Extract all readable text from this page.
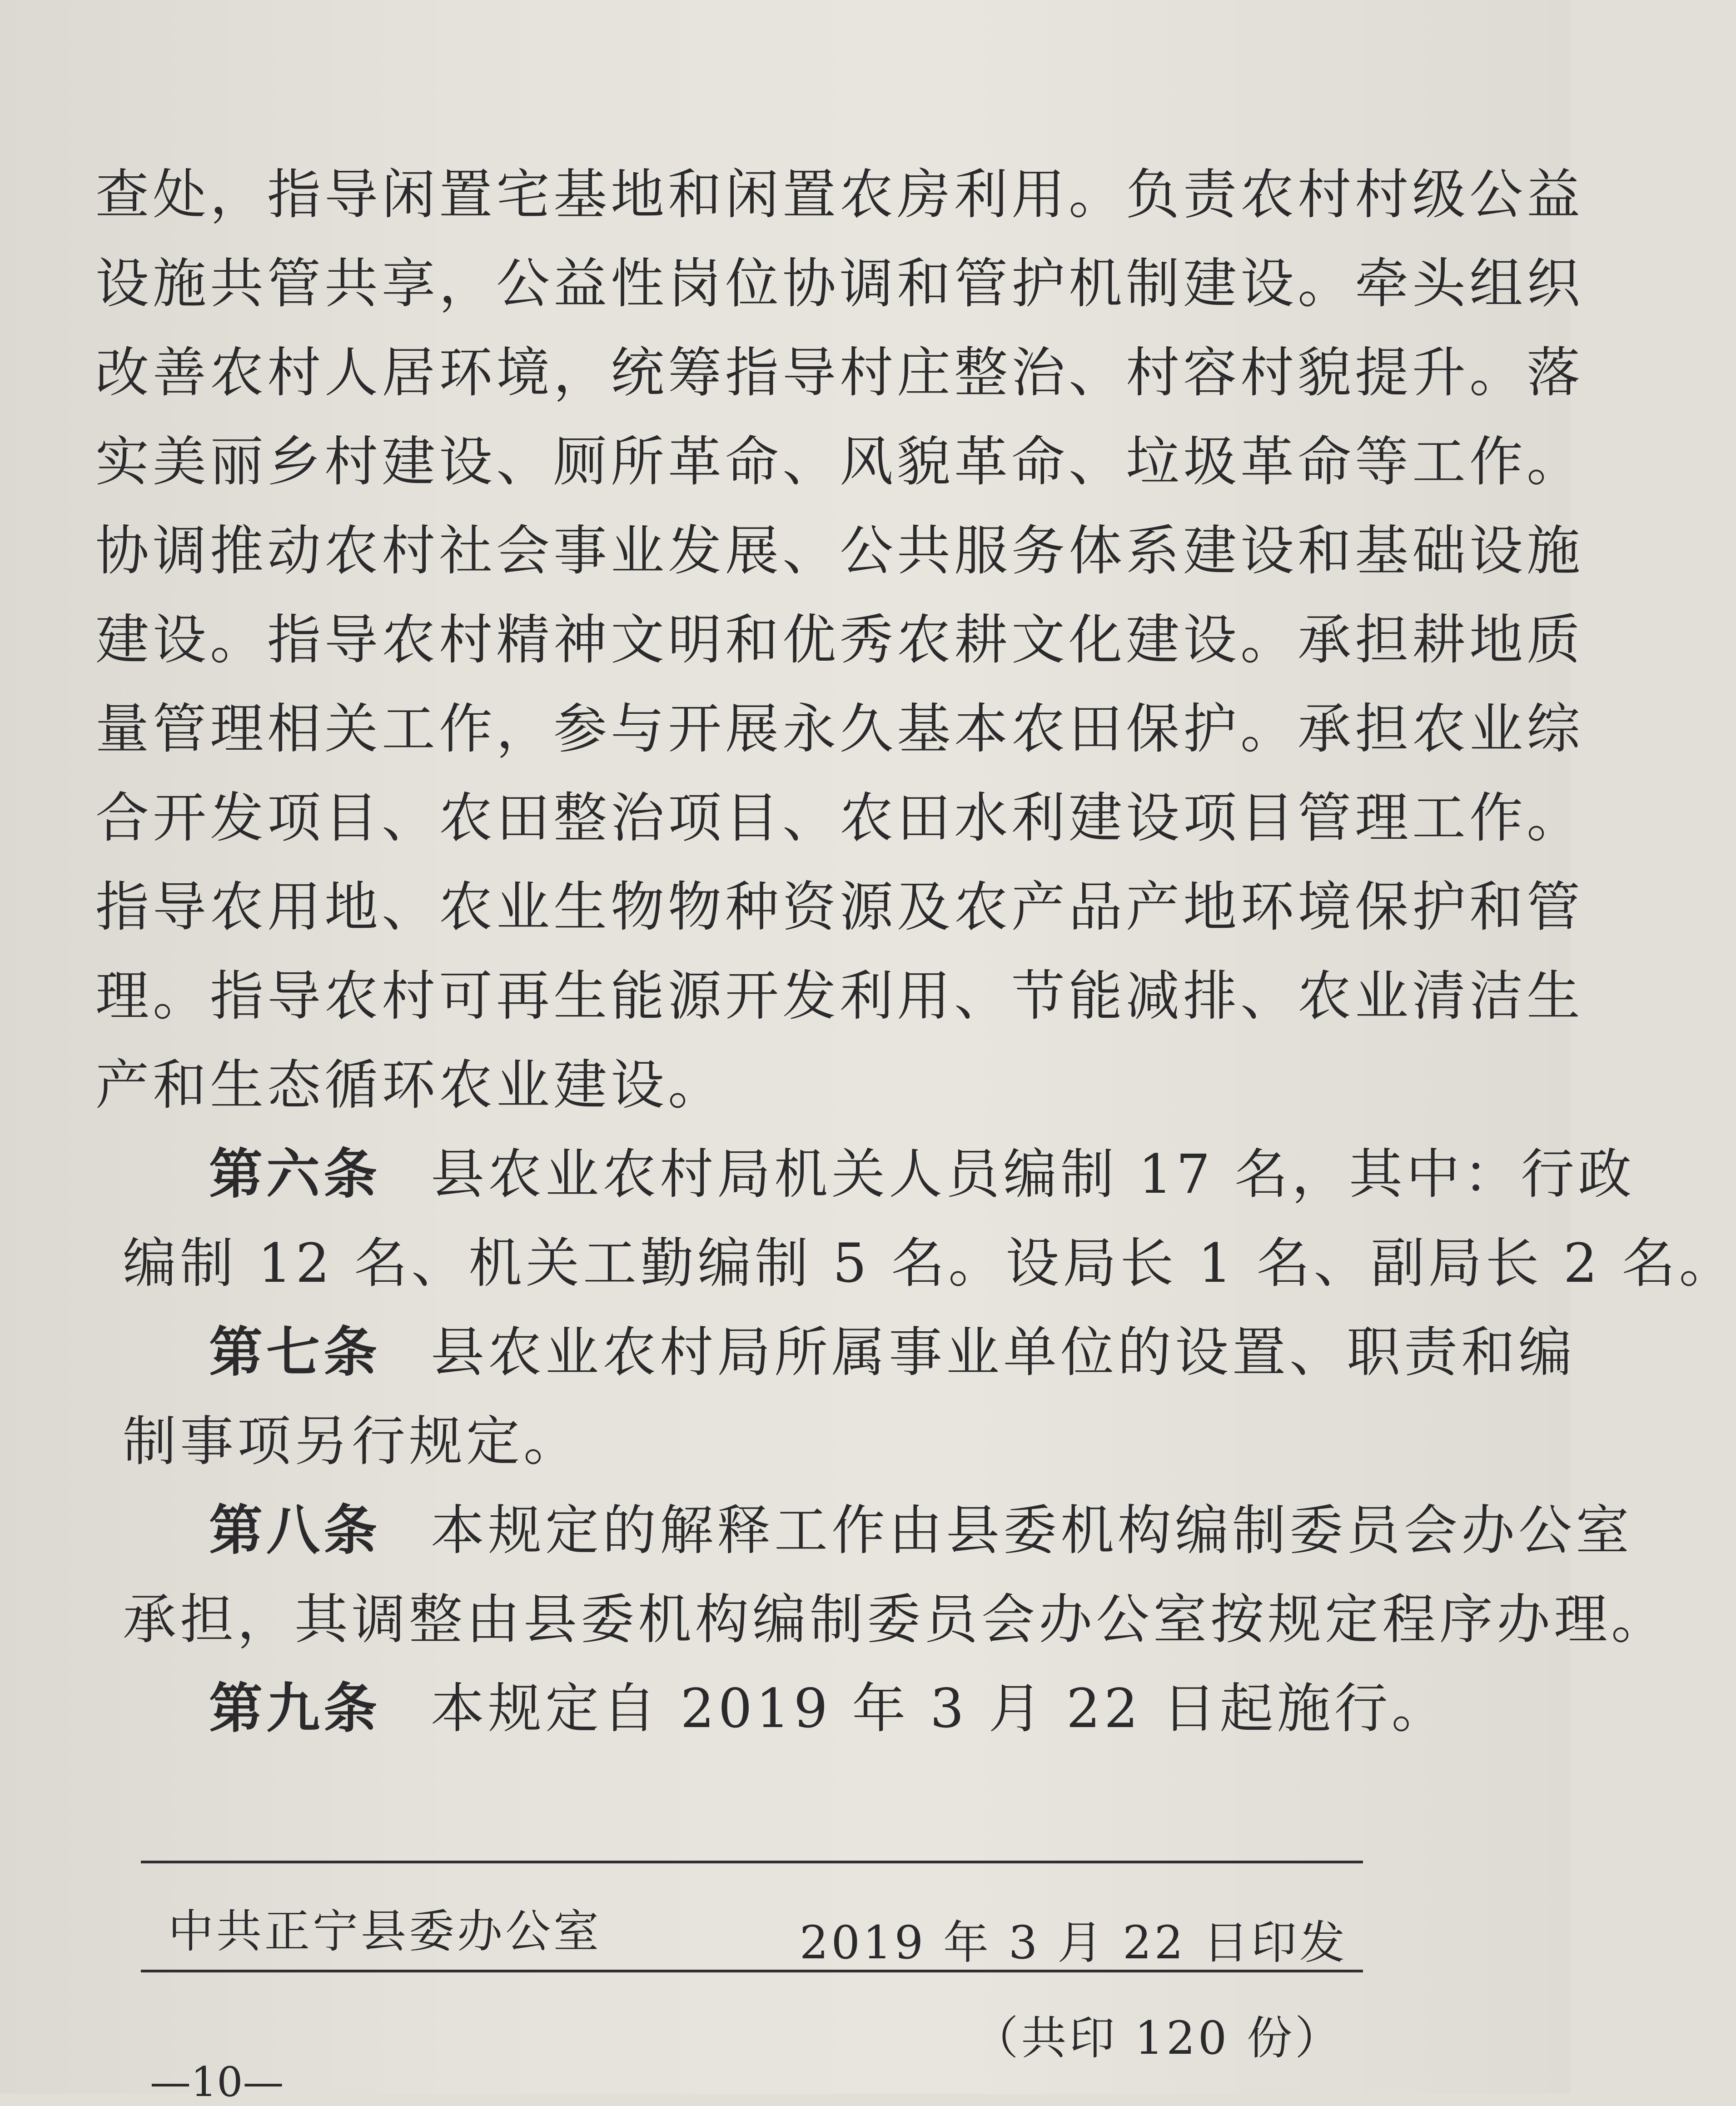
查处，指导闲置宅基地和闲置农房利用。负责农村村级公益
设施共管共享，公益性岗位协调和管护机制建设。牵头组织
改善农村人居环境，统筹指导村庄整治、村容村貌提升。落
实美丽乡村建设、厕所革命、风貌革命、垃圾革命等工作。
协调推动农村社会事业发展、公共服务体系建设和基础设施
建设。指导农村精神文明和优秀农耕文化建设。承担耕地质
量管理相关工作，参与开展永久基本农田保护。承担农业综
合开发项目、农田整治项目、农田水利建设项目管理工作。
指导农用地、农业生物物种资源及农产品产地环境保护和管
理。指导农村可再生能源开发利用、节能减排、农业清洁生
产和生态循环农业建设。
第六条 县农业农村局机关人员编制 17 名，其中：行政
编制 12 名、机关工勤编制 5 名。设局长 1 名、副局长 2 名。
第七条 县农业农村局所属事业单位的设置、职责和编
制事项另行规定。
第八条 本规定的解释工作由县委机构编制委员会办公室
承担，其调整由县委机构编制委员会办公室按规定程序办理。
第九条 本规定自 2019 年 3 月 22 日起施行。
中共正宁县委办公室	2019 年 3 月 22 日印发
（共印 120 份）
—10—
